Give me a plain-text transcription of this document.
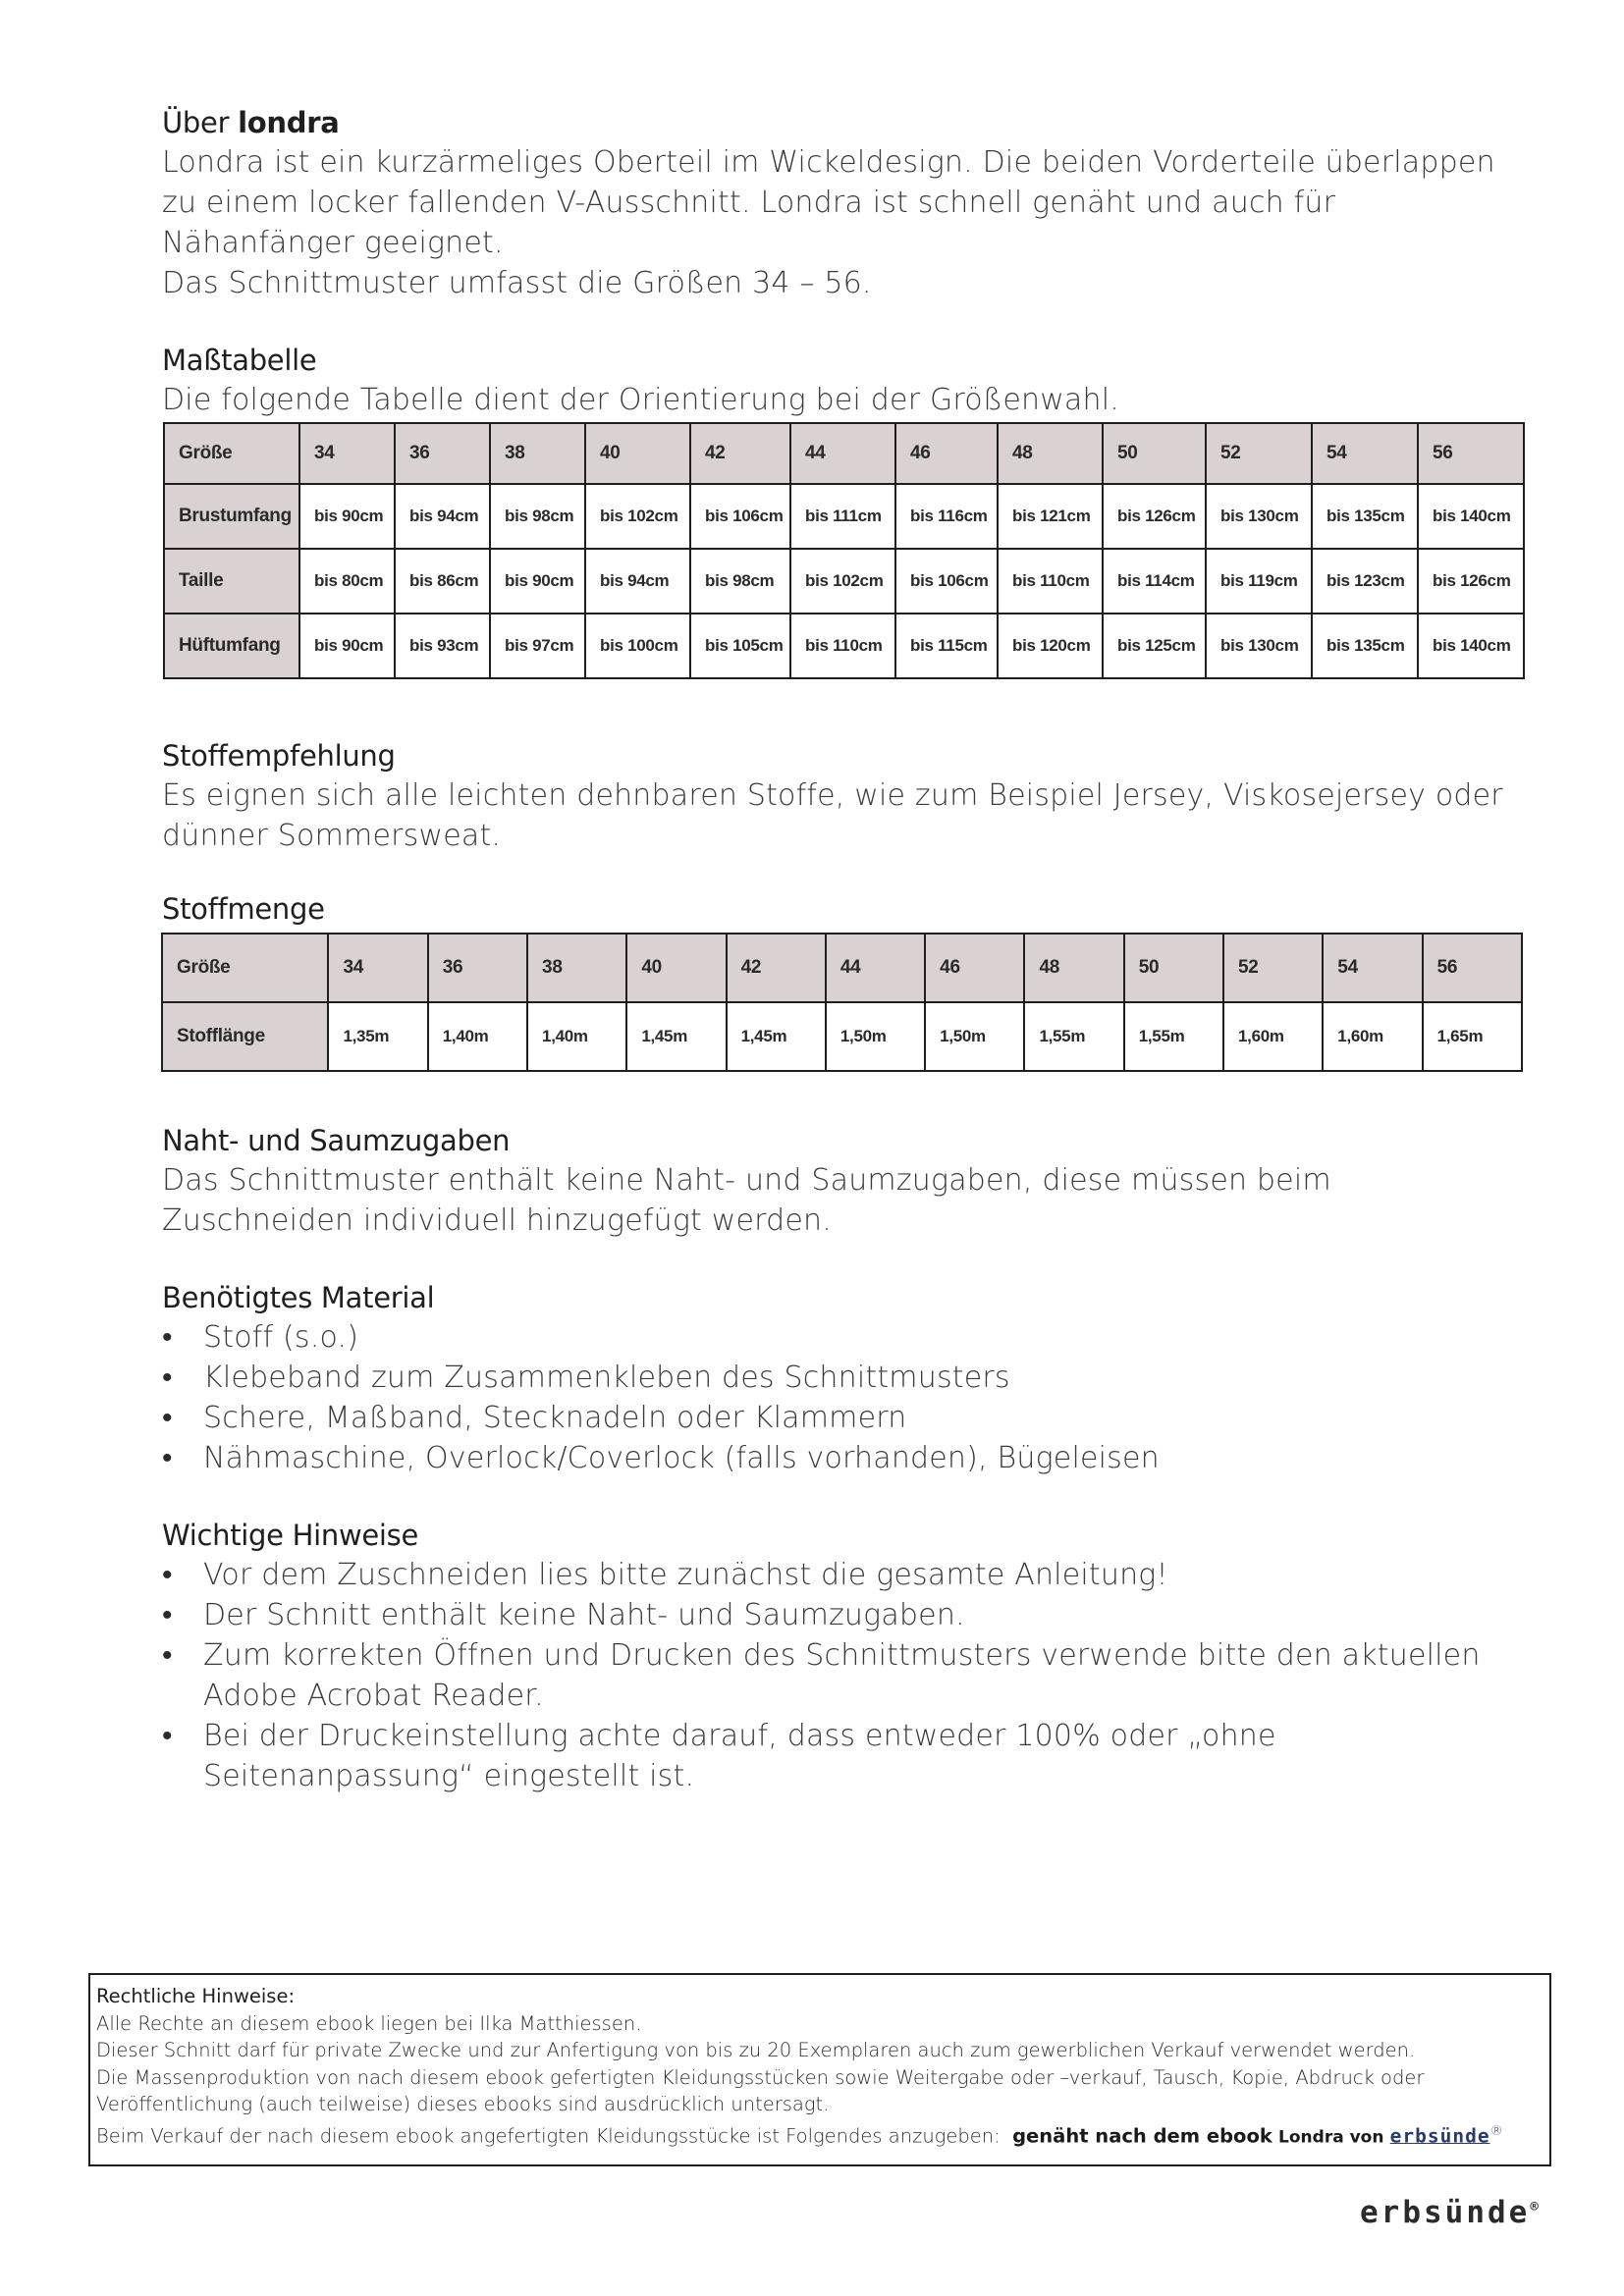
Über londra

Londra ist ein kurzärmeliges Oberteil im Wickeldesign. Die beiden Vorderteile überlappen zu einem locker fallenden V-Ausschnitt. Londra ist schnell genäht und auch für Nähanfänger geeignet.

Das Schnittmuster umfasst die Größen 34 – 56.

Maßtabelle

Die folgende Tabelle dient der Orientierung bei der Größenwahl.

Größe	34	36	38	40	42	44	46	48	50	52	54	56
Brustumfang	bis 90cm	bis 94cm	bis 98cm	bis 102cm	bis 106cm	bis 111cm	bis 116cm	bis 121cm	bis 126cm	bis 130cm	bis 135cm	bis 140cm
Taille	bis 80cm	bis 86cm	bis 90cm	bis 94cm	bis 98cm	bis 102cm	bis 106cm	bis 110cm	bis 114cm	bis 119cm	bis 123cm	bis 126cm
Hüftumfang	bis 90cm	bis 93cm	bis 97cm	bis 100cm	bis 105cm	bis 110cm	bis 115cm	bis 120cm	bis 125cm	bis 130cm	bis 135cm	bis 140cm
Stoffempfehlung

Es eignen sich alle leichten dehnbaren Stoffe, wie zum Beispiel Jersey, Viskosejersey oder dünner Sommersweat.

Stoffmenge
Größe	34	36	38	40	42	44	46	48	50	52	54	56
Stofflänge	1,35m	1,40m	1,40m	1,45m	1,45m	1,50m	1,50m	1,55m	1,55m	1,60m	1,60m	1,65m
Naht- und Saumzugaben

Das Schnittmuster enthält keine Naht- und Saumzugaben, diese müssen beim Zuschneiden individuell hinzugefügt werden.

Benötigtes Material
• Stoff (s.o.)
• Klebeband zum Zusammenkleben des Schnittmusters
• Schere, Maßband, Stecknadeln oder Klammern
• Nähmaschine, Overlock/Coverlock (falls vorhanden), Bügeleisen
Wichtige Hinweise
• Vor dem Zuschneiden lies bitte zunächst die gesamte Anleitung!
• Der Schnitt enthält keine Naht- und Saumzugaben.
• Zum korrekten Öffnen und Drucken des Schnittmusters verwende bitte den aktuellen Adobe Acrobat Reader.
• Bei der Druckeinstellung achte darauf, dass entweder 100% oder „ohne Seitenanpassung“ eingestellt ist.
Rechtliche Hinweise:
Alle Rechte an diesem ebook liegen bei Ilka Matthiessen.
Dieser Schnitt darf für private Zwecke und zur Anfertigung von bis zu 20 Exemplaren auch zum gewerblichen Verkauf verwendet werden.
Die Massenproduktion von nach diesem ebook gefertigten Kleidungsstücken sowie Weitergabe oder –verkauf, Tausch, Kopie, Abdruck oder Veröffentlichung (auch teilweise) dieses ebooks sind ausdrücklich untersagt.
Beim Verkauf der nach diesem ebook angefertigten Kleidungsstücke ist Folgendes anzugeben: genäht nach dem ebook Londra von erbsünde®
erbsünde®
